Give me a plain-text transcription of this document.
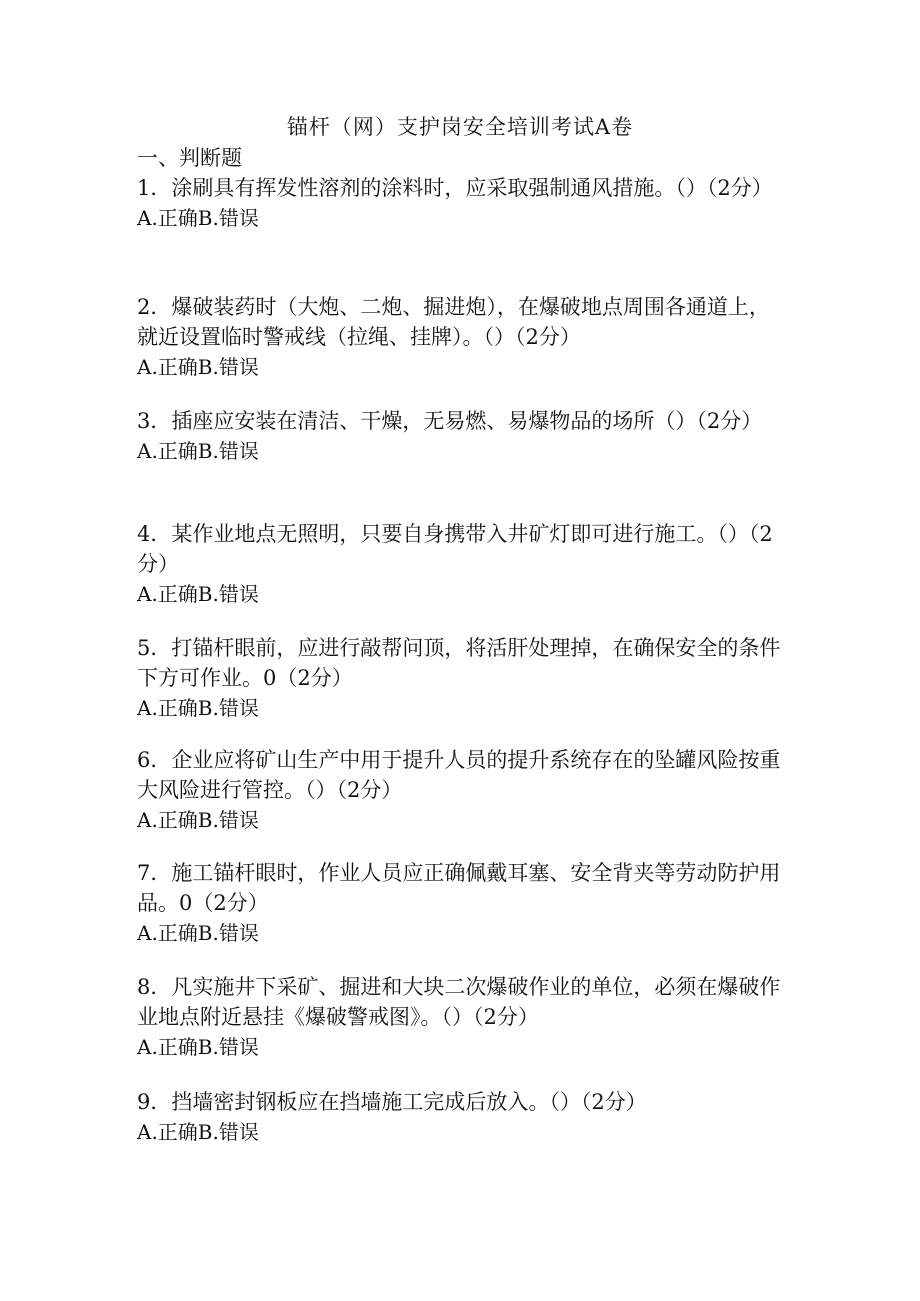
锚杆（网）支护岗安全培训考试A卷
一、判断题
1．涂刷具有挥发性溶剂的涂料时，应采取强制通风措施。（）（2分）
A.正确B.错误
2．爆破装药时（大炮、二炮、掘进炮），在爆破地点周围各通道上，就近设置临时警戒线（拉绳、挂牌）。（）（2分）
A.正确B.错误
3．插座应安装在清洁、干燥，无易燃、易爆物品的场所（）（2分）
A.正确B.错误
4．某作业地点无照明，只要自身携带入井矿灯即可进行施工。（）（2分）
A.正确B.错误
5．打锚杆眼前，应进行敲帮问顶，将活肝处理掉，在确保安全的条件下方可作业。0（2分）
A.正确B.错误
6．企业应将矿山生产中用于提升人员的提升系统存在的坠罐风险按重大风险进行管控。（）（2分）
A.正确B.错误
7．施工锚杆眼时，作业人员应正确佩戴耳塞、安全背夹等劳动防护用品。0（2分）
A.正确B.错误
8．凡实施井下采矿、掘进和大块二次爆破作业的单位，必须在爆破作业地点附近悬挂《爆破警戒图》。（）（2分）
A.正确B.错误
9．挡墙密封钢板应在挡墙施工完成后放入。（）（2分）
A.正确B.错误
